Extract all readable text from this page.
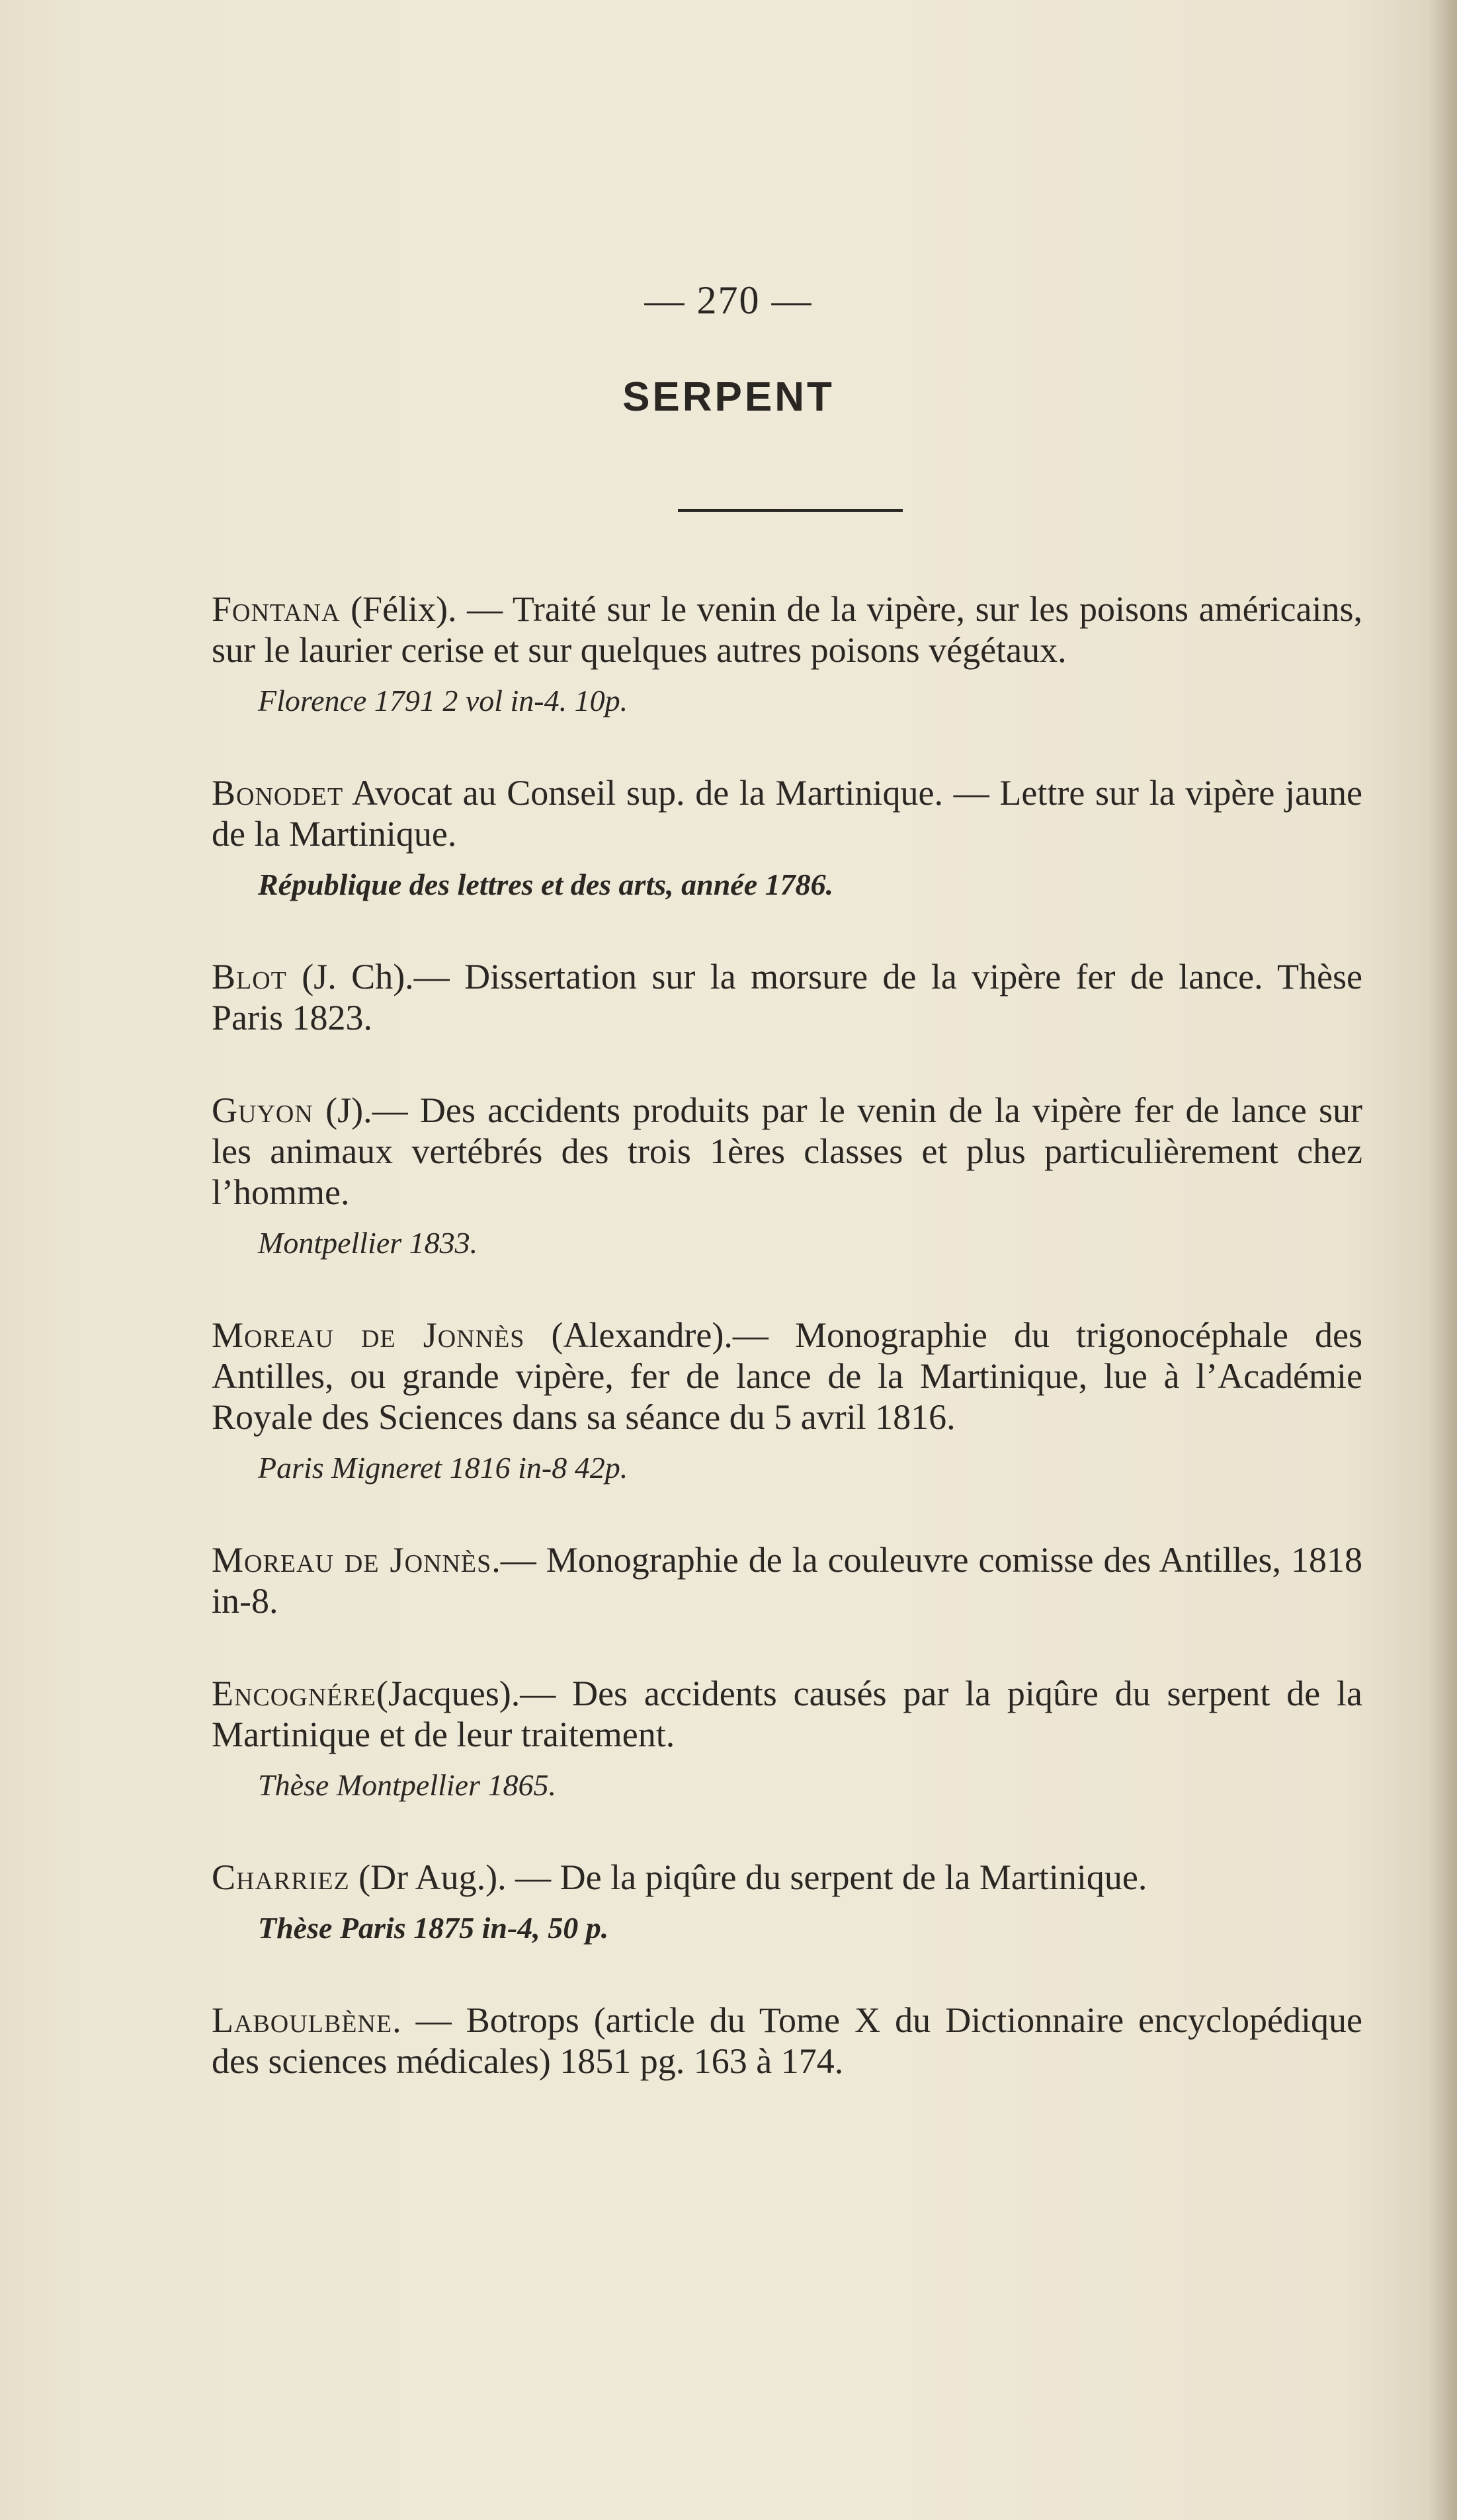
— 270 —
SERPENT
Fontana (Félix). — Traité sur le venin de la vipère, sur les poisons américains, sur le laurier cerise et sur quelques autres poisons végétaux.
Florence 1791 2 vol in-4. 10p.
Bonodet Avocat au Conseil sup. de la Martinique. — Lettre sur la vipère jaune de la Martinique.
République des lettres et des arts, année 1786.
Blot (J. Ch).— Dissertation sur la morsure de la vipère fer de lance. Thèse Paris 1823.
Guyon (J).— Des accidents produits par le venin de la vipère fer de lance sur les animaux vertébrés des trois 1ères classes et plus particulièrement chez l’homme.
Montpellier 1833.
Moreau de Jonnès (Alexandre).— Monographie du trigonocéphale des Antilles, ou grande vipère, fer de lance de la Martinique, lue à l’Académie Royale des Sciences dans sa séance du 5 avril 1816.
Paris Migneret 1816 in-8 42p.
Moreau de Jonnès.— Monographie de la couleuvre comisse des Antilles, 1818 in-8.
Encognére(Jacques).— Des accidents causés par la piqûre du serpent de la Martinique et de leur traitement.
Thèse Montpellier 1865.
Charriez (Dr Aug.). — De la piqûre du serpent de la Martinique.
Thèse Paris 1875 in-4, 50 p.
Laboulbène. — Botrops (article du Tome X du Dictionnaire encyclopédique des sciences médicales) 1851 pg. 163 à 174.
